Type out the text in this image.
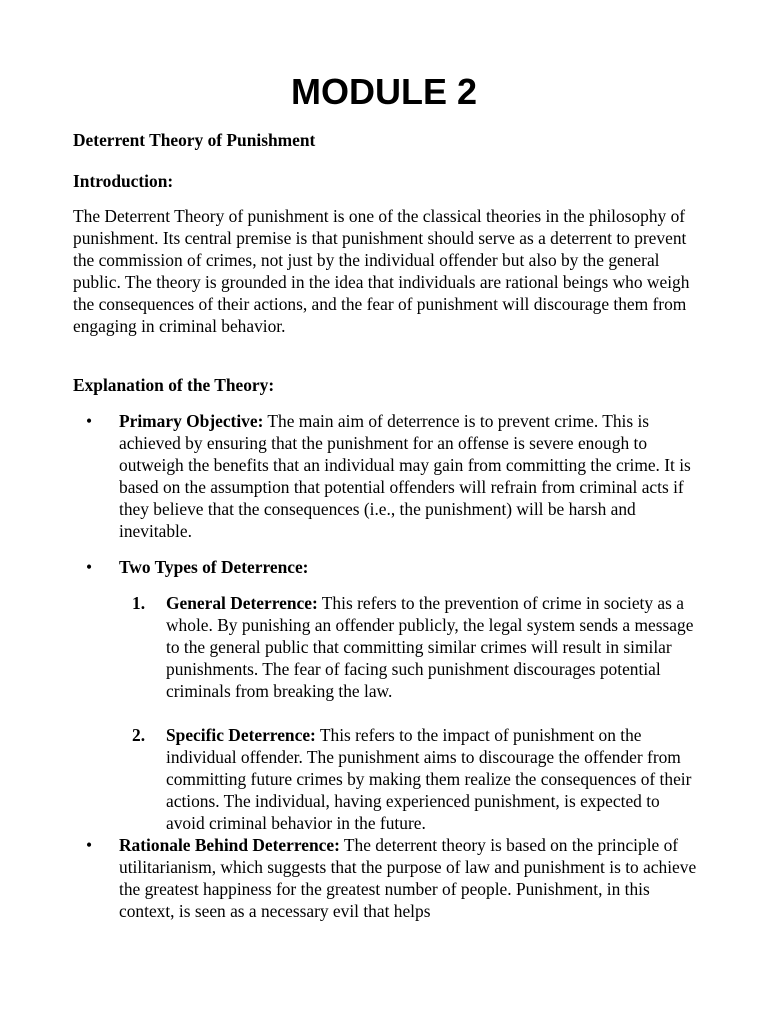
MODULE 2

Deterrent Theory of Punishment

Introduction:

The Deterrent Theory of punishment is one of the classical theories in the philosophy of punishment. Its central premise is that punishment should serve as a deterrent to prevent the commission of crimes, not just by the individual offender but also by the general public. The theory is grounded in the idea that individuals are rational beings who weigh the consequences of their actions, and the fear of punishment will discourage them from engaging in criminal behavior.

Explanation of the Theory:

• Primary Objective: The main aim of deterrence is to prevent crime. This is achieved by ensuring that the punishment for an offense is severe enough to outweigh the benefits that an individual may gain from committing the crime. It is based on the assumption that potential offenders will refrain from criminal acts if they believe that the consequences (i.e., the punishment) will be harsh and inevitable.

• Two Types of Deterrence:

1. General Deterrence: This refers to the prevention of crime in society as a whole. By punishing an offender publicly, the legal system sends a message to the general public that committing similar crimes will result in similar punishments. The fear of facing such punishment discourages potential criminals from breaking the law.

2. Specific Deterrence: This refers to the impact of punishment on the individual offender. The punishment aims to discourage the offender from committing future crimes by making them realize the consequences of their actions. The individual, having experienced punishment, is expected to avoid criminal behavior in the future.

• Rationale Behind Deterrence: The deterrent theory is based on the principle of utilitarianism, which suggests that the purpose of law and punishment is to achieve the greatest happiness for the greatest number of people. Punishment, in this context, is seen as a necessary evil that helps
